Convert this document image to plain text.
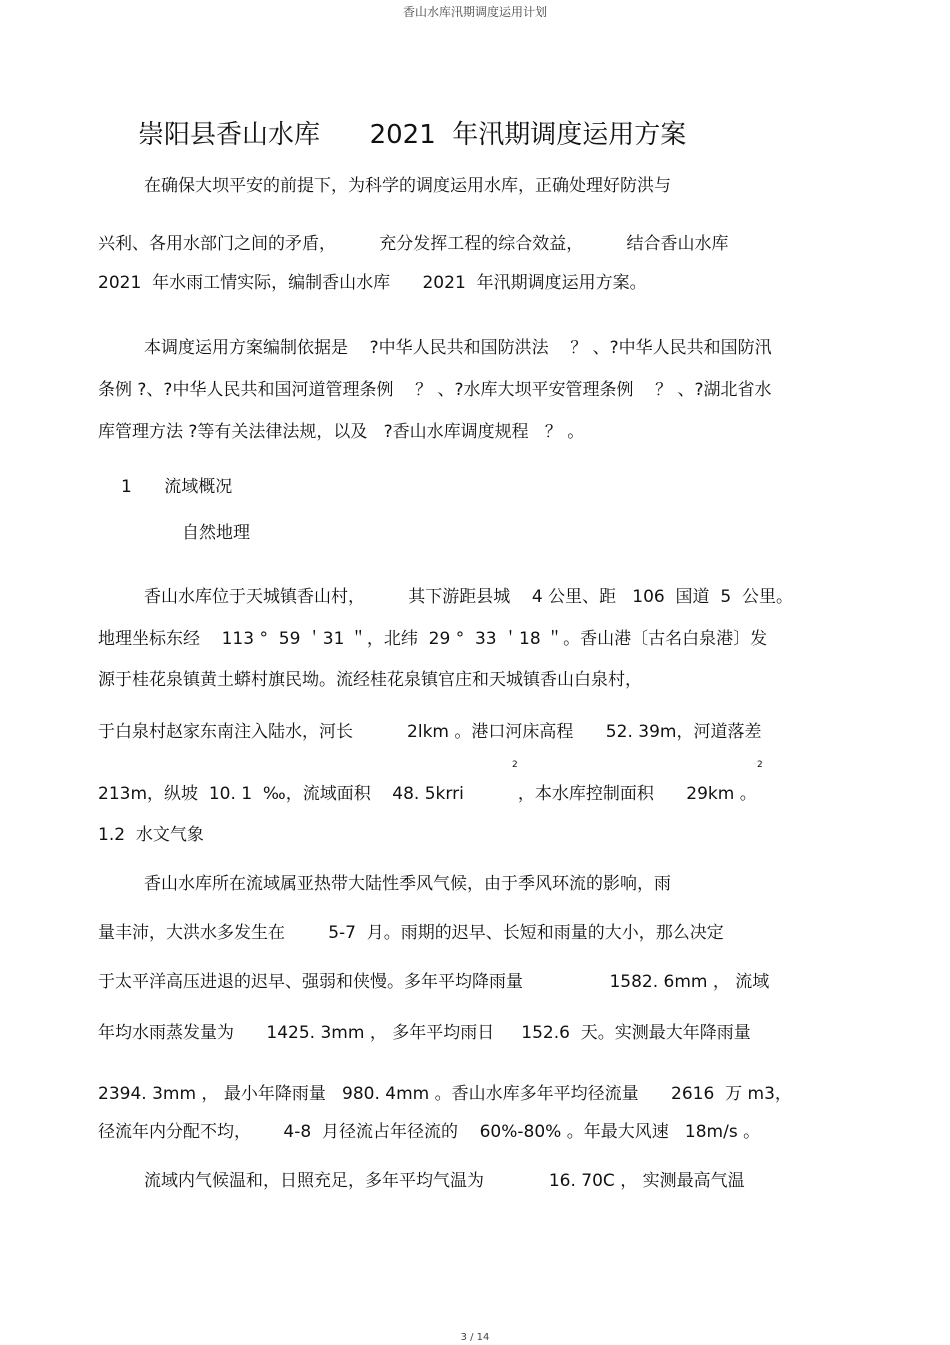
香山水库汛期调度运用计划
崇阳县香山水库      2021  年汛期调度运用方案
在确保大坝平安的前提下，为科学的调度运用水库，正确处理好防洪与
兴利、各用水部门之间的矛盾，        充分发挥工程的综合效益，        结合香山水库
2021  年水雨工情实际，编制香山水库      2021  年汛期调度运用方案。
本调度运用方案编制依据是    ?中华人民共和国防洪法    ？ 、?中华人民共和国防汛
条例 ?、?中华人民共和国河道管理条例    ？ 、?水库大坝平安管理条例    ？ 、?湖北省水
库管理方法 ?等有关法律法规，以及   ?香山水库调度规程   ？ 。
1      流域概况
自然地理
香山水库位于天城镇香山村，        其下游距县城    4 公里、距   106  国道  5  公里。
地理坐标东经    113 °  59 ＇31 ＂，北纬  29 °  33 ＇18 ＂。香山港〔古名白泉港〕发
源于桂花泉镇黄土蟒村旗民坳。流经桂花泉镇官庄和天城镇香山白泉村，
于白泉村赵家东南注入陆水，河长          2lkm 。港口河床高程      52. 39m，河道落差
2	2
213m，纵坡  10. 1  ‰，流域面积    48. 5krri          ，本水库控制面积      29km 。
1.2  水文气象
香山水库所在流域属亚热带大陆性季风气候，由于季风环流的影响，雨
量丰沛，大洪水多发生在        5-7  月。雨期的迟早、长短和雨量的大小，那么决定
于太平洋高压进退的迟早、强弱和侠慢。多年平均降雨量                1582. 6mm ， 流域
年均水雨蒸发量为      1425. 3mm ， 多年平均雨日     152.6  天。实测最大年降雨量
2394. 3mm ， 最小年降雨量   980. 4mm 。香山水库多年平均径流量      2616  万 m3，
径流年内分配不均，      4-8  月径流占年径流的    60%-80% 。年最大风速   18m/s 。
流域内气候温和，日照充足，多年平均气温为            16. 70C ， 实测最高气温
3 / 14
